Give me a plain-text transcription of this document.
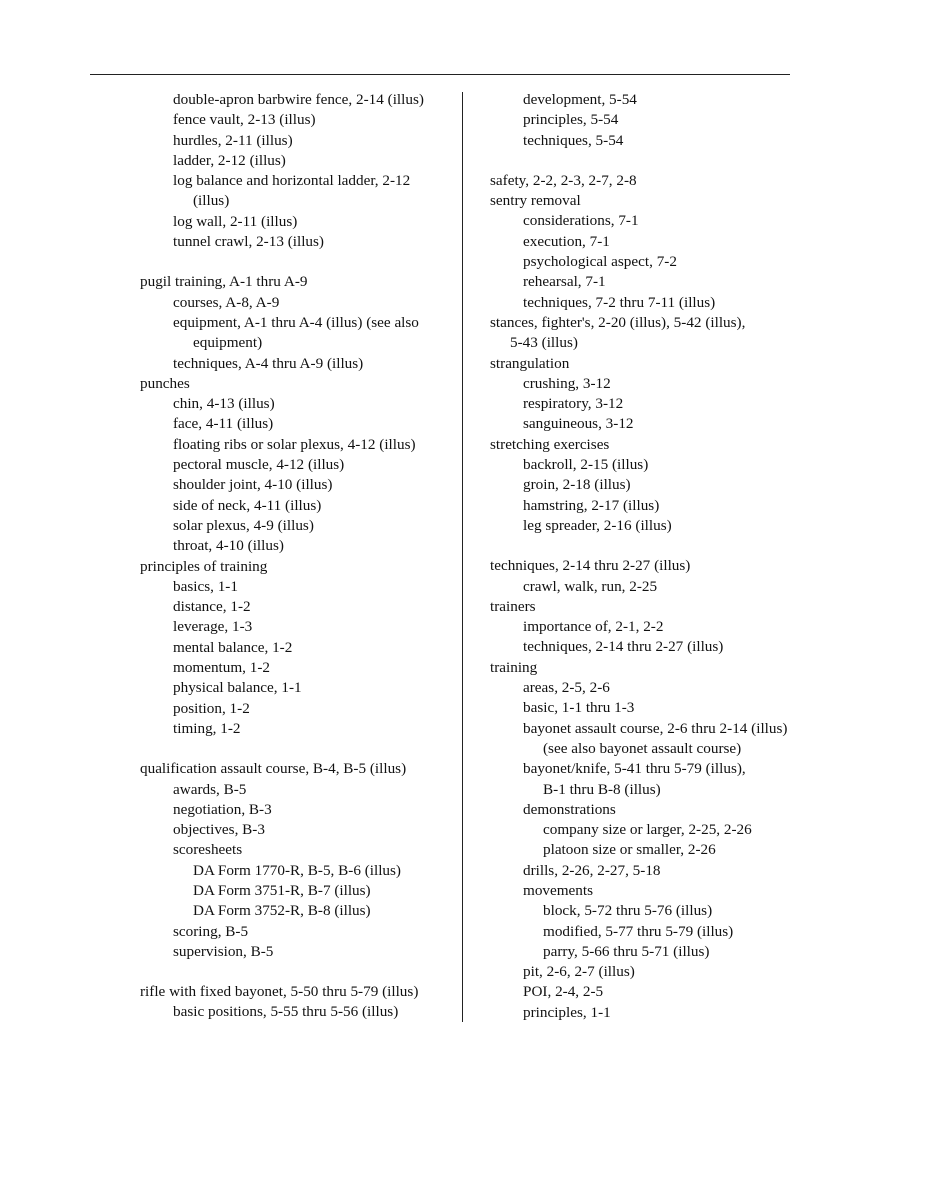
double-apron barbwire fence, 2-14 (illus)
fence vault, 2-13 (illus)
hurdles, 2-11 (illus)
ladder, 2-12 (illus)
log balance and horizontal ladder, 2-12
(illus)
log wall, 2-11 (illus)
tunnel crawl, 2-13 (illus)
pugil training, A-1 thru A-9
courses, A-8, A-9
equipment, A-1 thru A-4 (illus) (see also
equipment)
techniques, A-4 thru A-9 (illus)
punches
chin, 4-13 (illus)
face, 4-11 (illus)
floating ribs or solar plexus, 4-12 (illus)
pectoral muscle, 4-12 (illus)
shoulder joint, 4-10 (illus)
side of neck, 4-11 (illus)
solar plexus, 4-9 (illus)
throat, 4-10 (illus)
principles of training
basics, 1-1
distance, 1-2
leverage, 1-3
mental balance, 1-2
momentum, 1-2
physical balance, 1-1
position, 1-2
timing, 1-2
qualification assault course, B-4, B-5 (illus)
awards, B-5
negotiation, B-3
objectives, B-3
scoresheets
DA Form 1770-R, B-5, B-6 (illus)
DA Form 3751-R, B-7 (illus)
DA Form 3752-R, B-8 (illus)
scoring, B-5
supervision, B-5
rifle with fixed bayonet, 5-50 thru 5-79 (illus)
basic positions, 5-55 thru 5-56 (illus)
development, 5-54
principles, 5-54
techniques, 5-54
safety, 2-2, 2-3, 2-7, 2-8
sentry removal
considerations, 7-1
execution, 7-1
psychological aspect, 7-2
rehearsal, 7-1
techniques, 7-2 thru 7-11 (illus)
stances, fighter's, 2-20 (illus), 5-42 (illus),
5-43 (illus)
strangulation
crushing, 3-12
respiratory, 3-12
sanguineous, 3-12
stretching exercises
backroll, 2-15 (illus)
groin, 2-18 (illus)
hamstring, 2-17 (illus)
leg spreader, 2-16 (illus)
techniques, 2-14 thru 2-27 (illus)
crawl, walk, run, 2-25
trainers
importance of, 2-1, 2-2
techniques, 2-14 thru 2-27 (illus)
training
areas, 2-5, 2-6
basic, 1-1 thru 1-3
bayonet assault course, 2-6 thru 2-14 (illus)
(see also bayonet assault course)
bayonet/knife, 5-41 thru 5-79 (illus),
B-1 thru B-8 (illus)
demonstrations
company size or larger, 2-25, 2-26
platoon size or smaller, 2-26
drills, 2-26, 2-27, 5-18
movements
block, 5-72 thru 5-76 (illus)
modified, 5-77 thru 5-79 (illus)
parry, 5-66 thru 5-71 (illus)
pit, 2-6, 2-7 (illus)
POI, 2-4, 2-5
principles, 1-1
